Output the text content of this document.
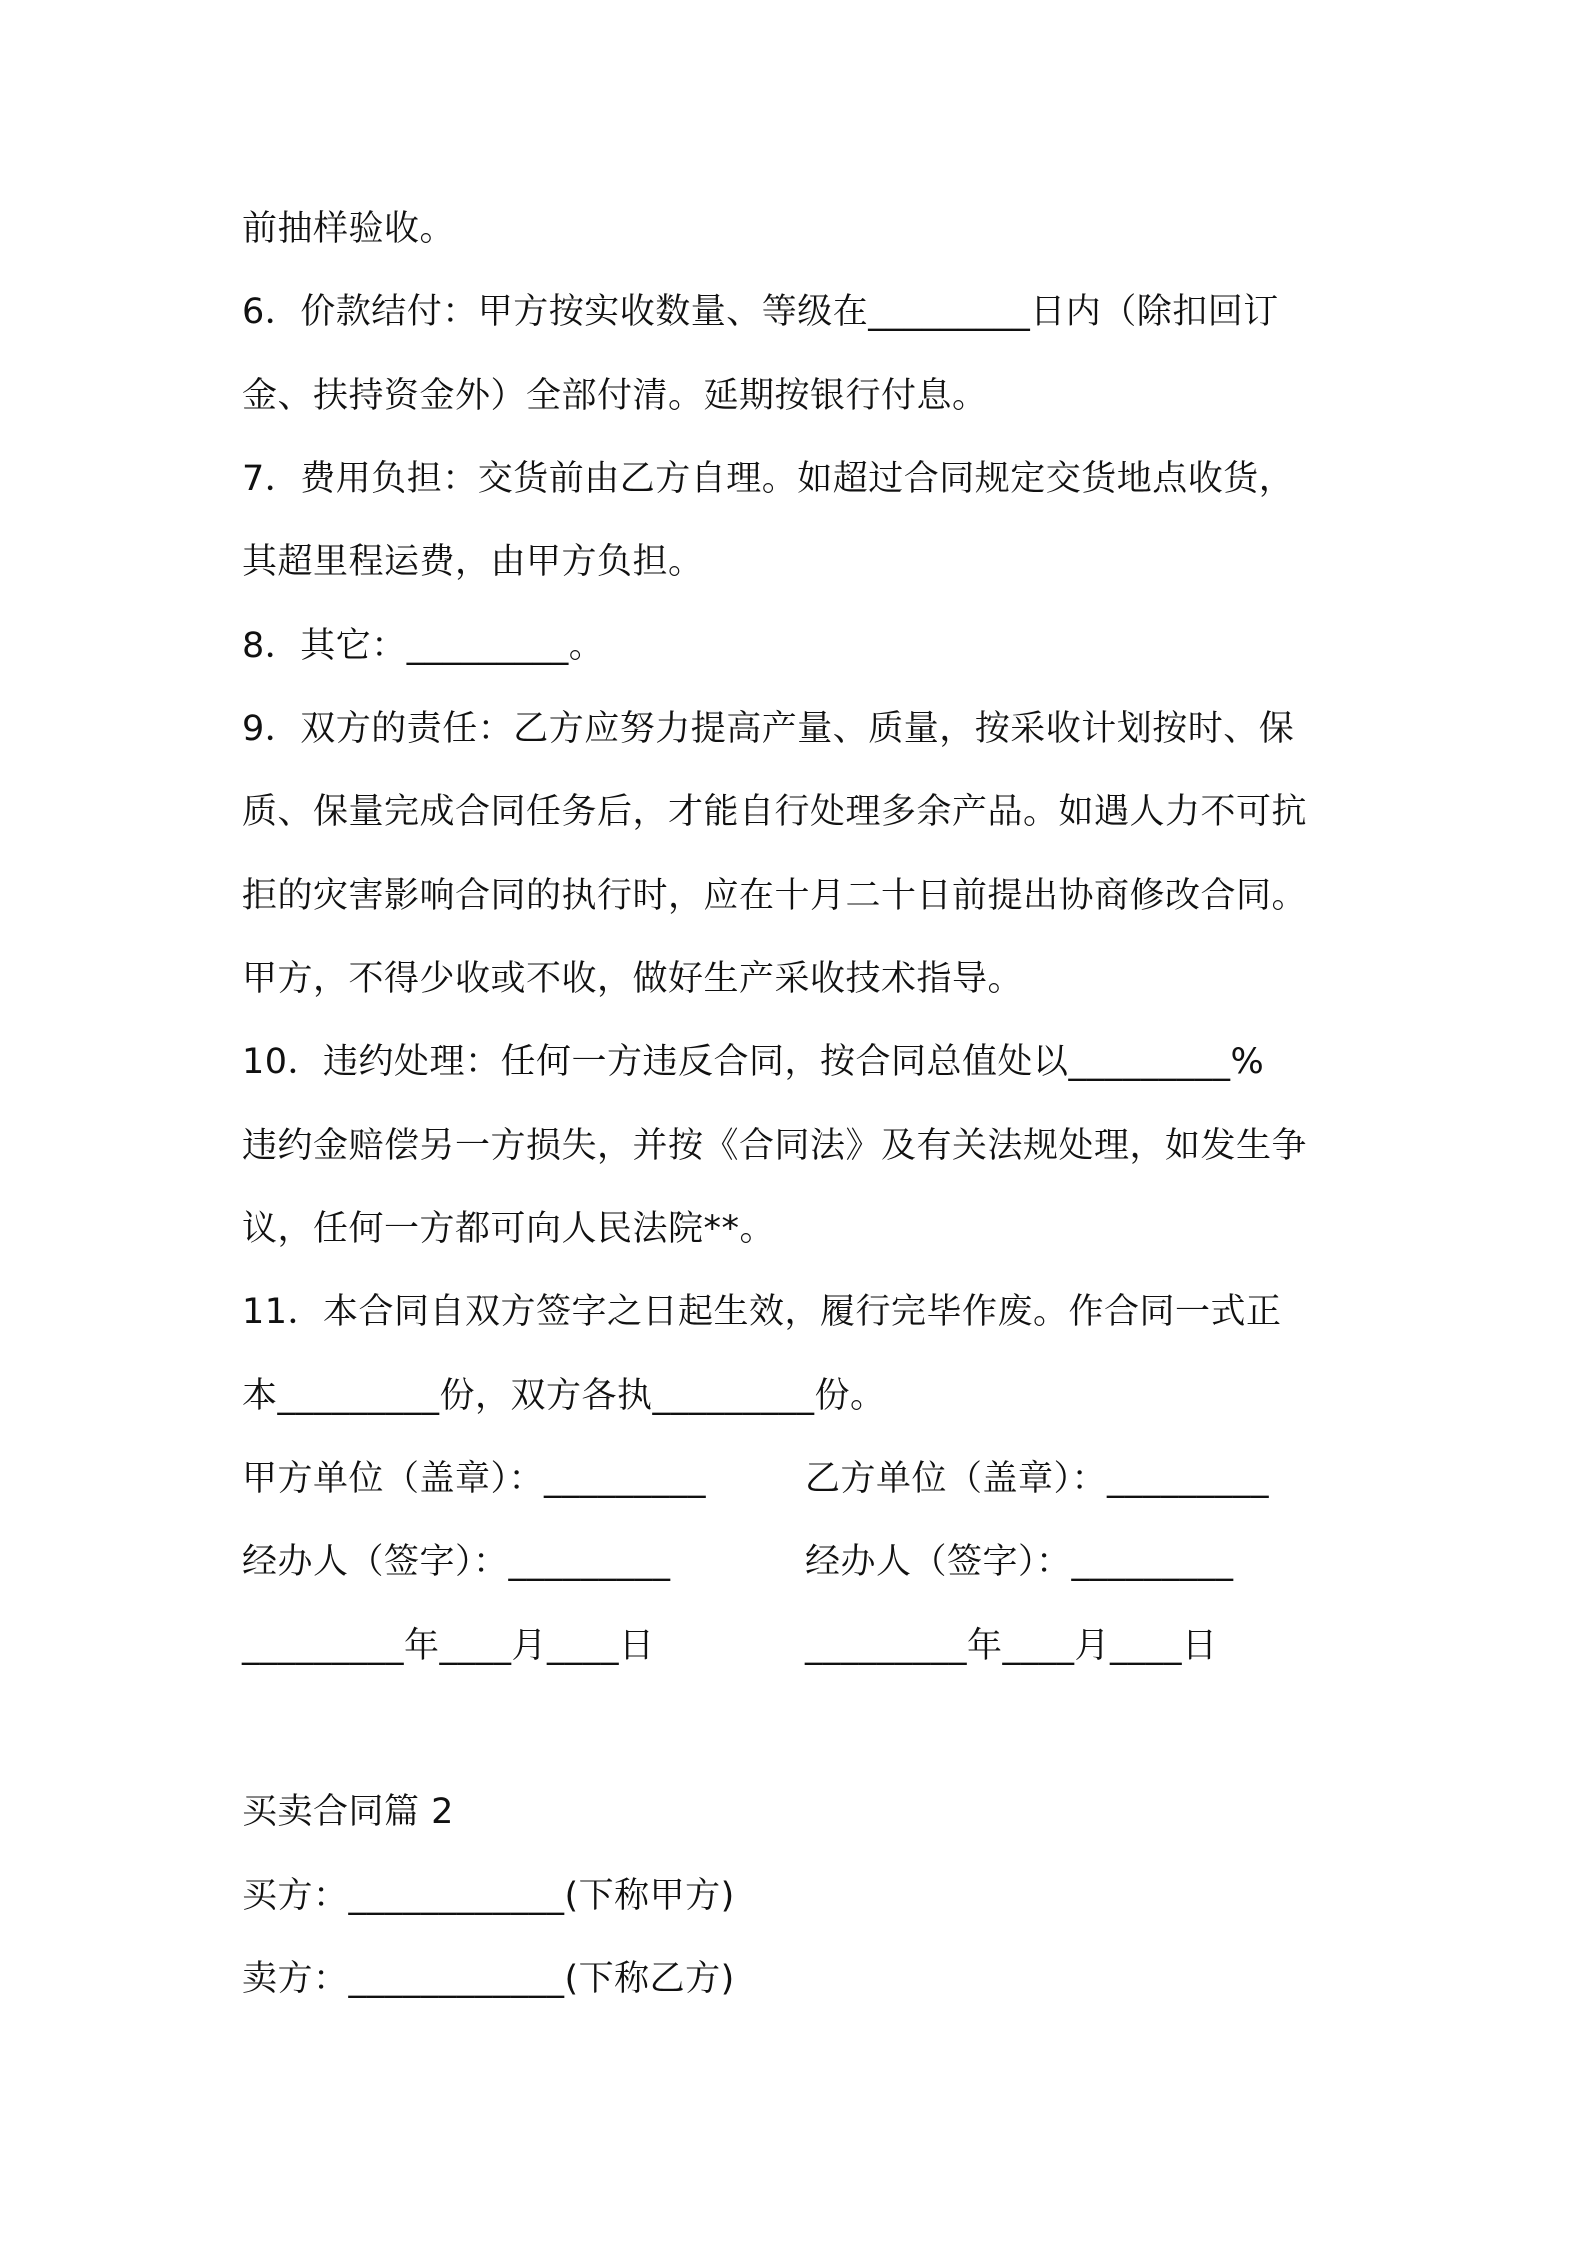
前抽样验收。
6．价款结付：甲方按实收数量、等级在_________日内（除扣回订
金、扶持资金外）全部付清。延期按银行付息。
7．费用负担：交货前由乙方自理。如超过合同规定交货地点收货，
其超里程运费，由甲方负担。
8．其它：_________。
9．双方的责任：乙方应努力提高产量、质量，按采收计划按时、保
质、保量完成合同任务后，才能自行处理多余产品。如遇人力不可抗
拒的灾害影响合同的执行时，应在十月二十日前提出协商修改合同。
甲方，不得少收或不收，做好生产采收技术指导。
10．违约处理：任何一方违反合同，按合同总值处以_________%
违约金赔偿另一方损失，并按《合同法》及有关法规处理，如发生争
议，任何一方都可向人民法院**。
11．本合同自双方签字之日起生效，履行完毕作废。作合同一式正
本_________份，双方各执_________份。
甲方单位（盖章）：_________	乙方单位（盖章）：_________
经办人（签字）：_________	经办人（签字）：_________
_________年____月____日	_________年____月____日
买卖合同篇 2
买方：____________(下称甲方)
卖方：____________(下称乙方)
